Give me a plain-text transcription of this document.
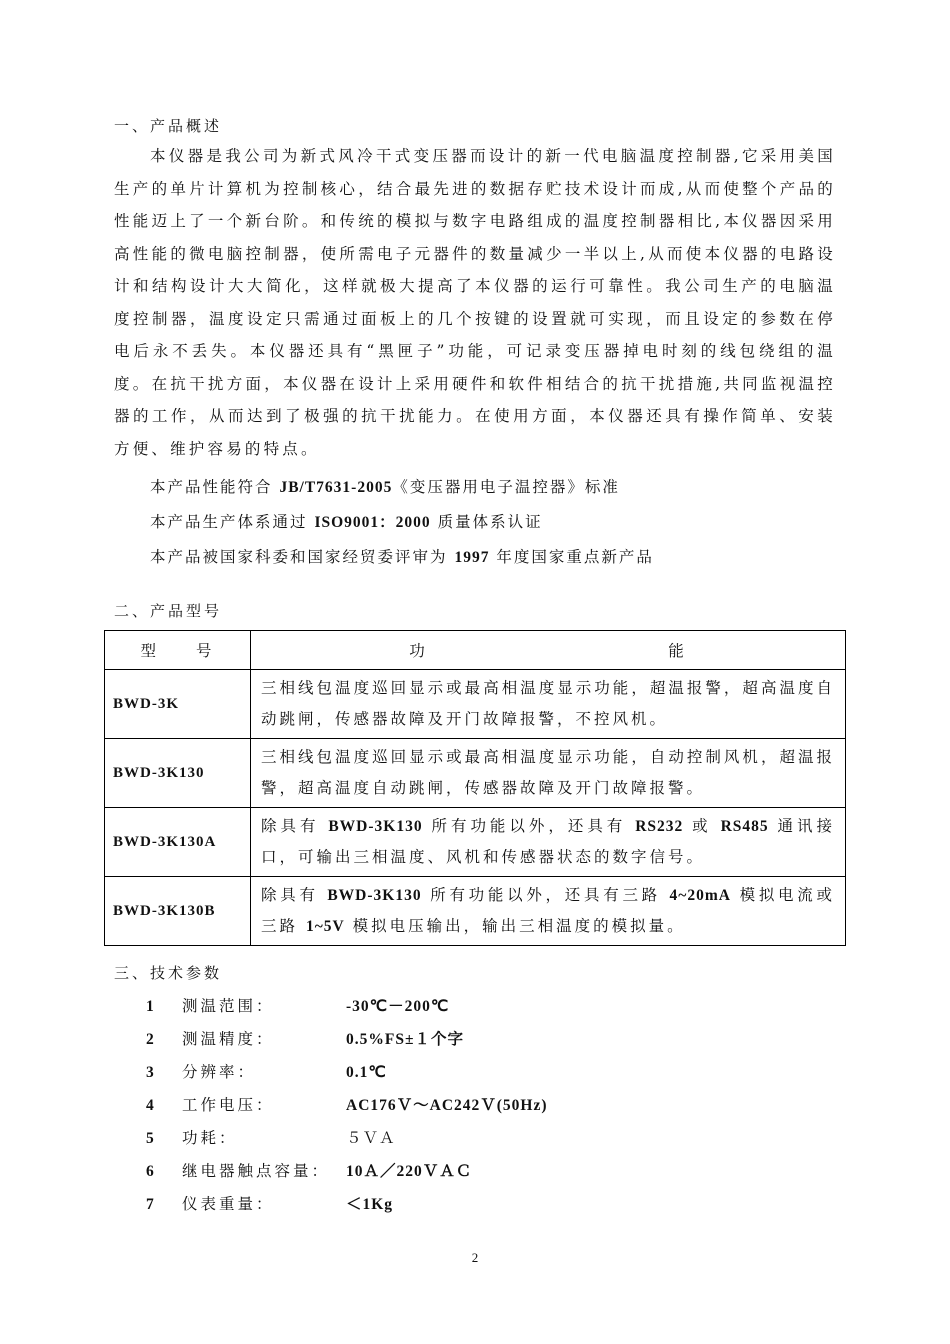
一、产品概述

本仪器是我公司为新式风冷干式变压器而设计的新一代电脑温度控制器,它采用美国生产的单片计算机为控制核心，结合最先进的数据存贮技术设计而成,从而使整个产品的性能迈上了一个新台阶。和传统的模拟与数字电路组成的温度控制器相比,本仪器因采用高性能的微电脑控制器，使所需电子元器件的数量减少一半以上,从而使本仪器的电路设计和结构设计大大简化，这样就极大提高了本仪器的运行可靠性。我公司生产的电脑温度控制器，温度设定只需通过面板上的几个按键的设置就可实现，而且设定的参数在停电后永不丢失。本仪器还具有“黑匣子”功能，可记录变压器掉电时刻的线包绕组的温度。在抗干扰方面，本仪器在设计上采用硬件和软件相结合的抗干扰措施,共同监视温控器的工作，从而达到了极强的抗干扰能力。在使用方面，本仪器还具有操作简单、安装方便、维护容易的特点。

本产品性能符合 JB/T7631-2005《变压器用电子温控器》标准
本产品生产体系通过 ISO9001：2000 质量体系认证
本产品被国家科委和国家经贸委评审为 1997 年度国家重点新产品
二、产品型号
型　　号	功　　　　　　　　　　　　　能
BWD-3K	三相线包温度巡回显示或最高相温度显示功能，超温报警，超高温度自动跳闸，传感器故障及开门故障报警，不控风机。
BWD-3K130	三相线包温度巡回显示或最高相温度显示功能，自动控制风机，超温报警，超高温度自动跳闸，传感器故障及开门故障报警。
BWD-3K130A	除具有 BWD-3K130 所有功能以外，还具有 RS232 或 RS485 通讯接口，可输出三相温度、风机和传感器状态的数字信号。
BWD-3K130B	除具有 BWD-3K130 所有功能以外，还具有三路 4~20mA 模拟电流或三路 1~5V 模拟电压输出，输出三相温度的模拟量。
三、技术参数
1 测温范围：	-30℃－200℃
2 测温精度：	0.5%FS±１个字
3 分辨率：	0.1℃
4 工作电压：	AC176Ｖ～AC242Ｖ(50Hz)
5 功耗：	５ＶＡ
6 继电器触点容量： 10Ａ／220ＶＡＣ
7 仪表重量：	＜1Kg
2
